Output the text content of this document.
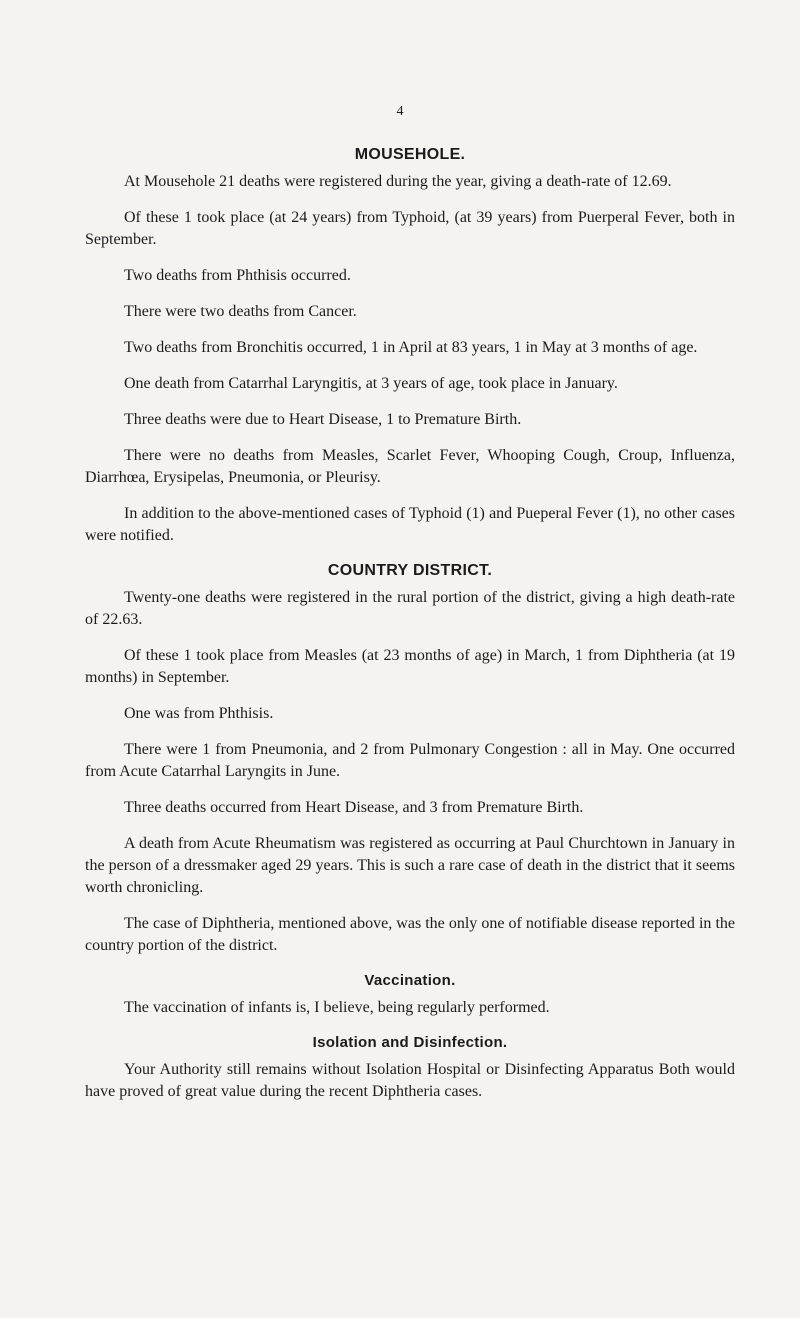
4
MOUSEHOLE.

At Mousehole 21 deaths were registered during the year, giving a death-rate of 12.69.

Of these 1 took place (at 24 years) from Typhoid, (at 39 years) from Puerperal Fever, both in September.

Two deaths from Phthisis occurred.

There were two deaths from Cancer.

Two deaths from Bronchitis occurred, 1 in April at 83 years, 1 in May at 3 months of age.

One death from Catarrhal Laryngitis, at 3 years of age, took place in January.

Three deaths were due to Heart Disease, 1 to Premature Birth.

There were no deaths from Measles, Scarlet Fever, Whooping Cough, Croup, Influenza, Diarrhœa, Erysipelas, Pneumonia, or Pleurisy.

In addition to the above-mentioned cases of Typhoid (1) and Pueperal Fever (1), no other cases were notified.

COUNTRY DISTRICT.

Twenty-one deaths were registered in the rural portion of the district, giving a high death-rate of 22.63.

Of these 1 took place from Measles (at 23 months of age) in March, 1 from Diphtheria (at 19 months) in September.

One was from Phthisis.

There were 1 from Pneumonia, and 2 from Pulmonary Congestion : all in May. One occurred from Acute Catarrhal Laryngits in June.

Three deaths occurred from Heart Disease, and 3 from Premature Birth.

A death from Acute Rheumatism was registered as occurring at Paul Churchtown in January in the person of a dressmaker aged 29 years. This is such a rare case of death in the district that it seems worth chronicling.

The case of Diphtheria, mentioned above, was the only one of notifiable disease reported in the country portion of the district.

Vaccination.

The vaccination of infants is, I believe, being regularly performed.

Isolation and Disinfection.

Your Authority still remains without Isolation Hospital or Disinfecting Apparatus Both would have proved of great value during the recent Diphtheria cases.
